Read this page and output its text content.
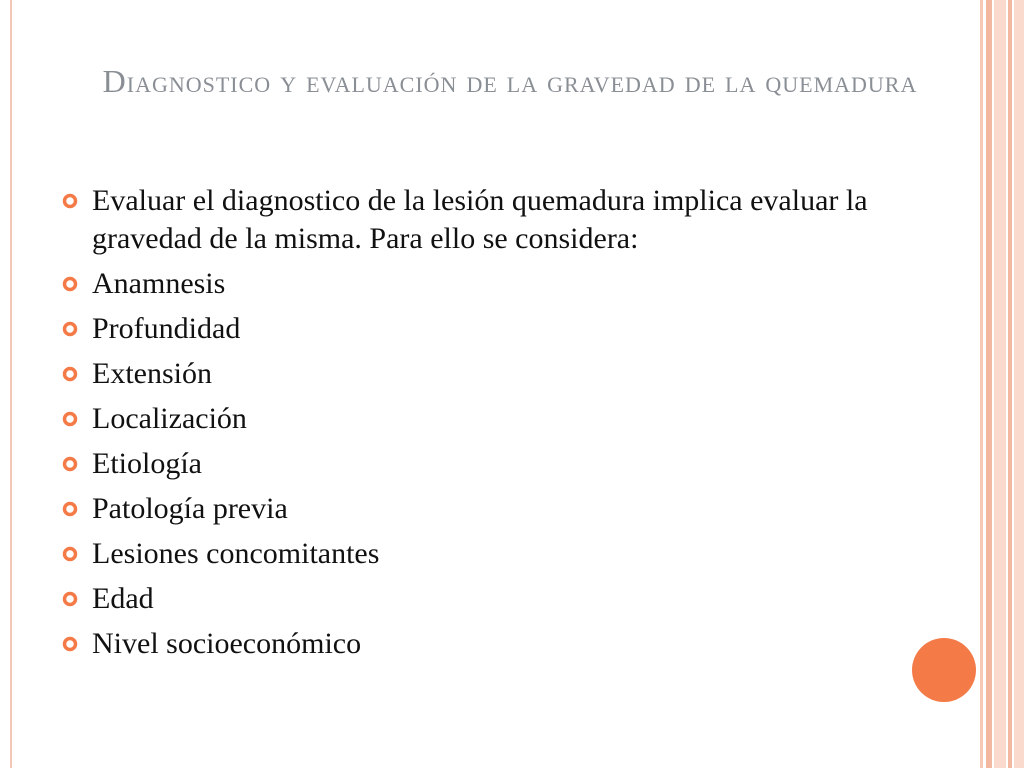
Diagnostico y evaluación de la gravedad de la quemadura
Evaluar el diagnostico de la lesión quemadura implica evaluar la gravedad de la misma. Para ello se considera:
Anamnesis
Profundidad
Extensión
Localización
Etiología
Patología previa
Lesiones concomitantes
Edad
Nivel socioeconómico
